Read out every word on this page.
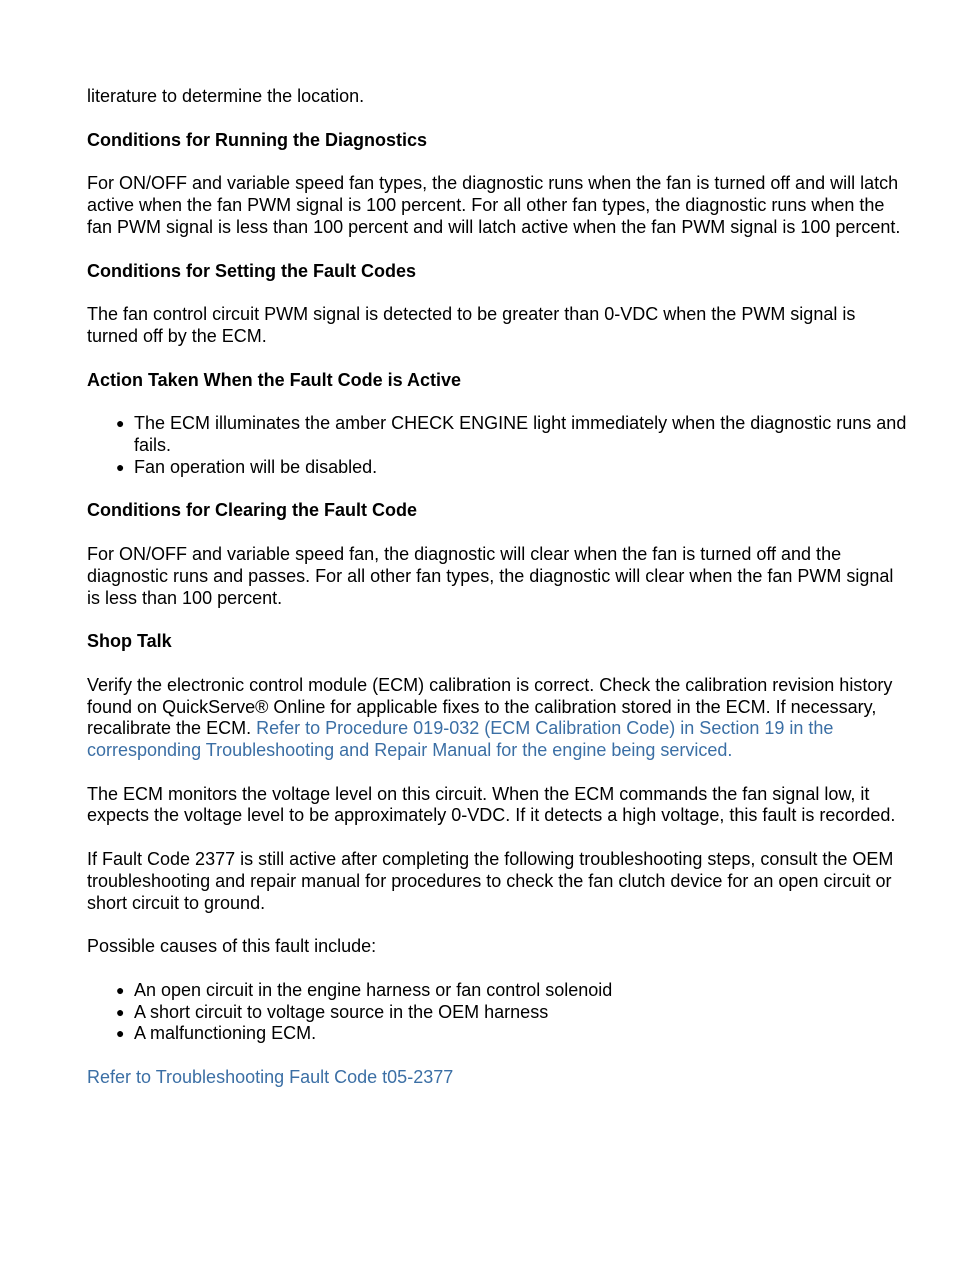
literature to determine the location.

Conditions for Running the Diagnostics

For ON/OFF and variable speed fan types, the diagnostic runs when the fan is turned off and will latch active when the fan PWM signal is 100 percent. For all other fan types, the diagnostic runs when the fan PWM signal is less than 100 percent and will latch active when the fan PWM signal is 100 percent.

Conditions for Setting the Fault Codes

The fan control circuit PWM signal is detected to be greater than 0-VDC when the PWM signal is turned off by the ECM.

Action Taken When the Fault Code is Active
● The ECM illuminates the amber CHECK ENGINE light immediately when the diagnostic runs and fails.
● Fan operation will be disabled.
Conditions for Clearing the Fault Code

For ON/OFF and variable speed fan, the diagnostic will clear when the fan is turned off and the diagnostic runs and passes. For all other fan types, the diagnostic will clear when the fan PWM signal is less than 100 percent.

Shop Talk

Verify the electronic control module (ECM) calibration is correct. Check the calibration revision history found on QuickServe® Online for applicable fixes to the calibration stored in the ECM. If necessary, recalibrate the ECM. Refer to Procedure 019-032 (ECM Calibration Code) in Section 19 in the corresponding Troubleshooting and Repair Manual for the engine being serviced.

The ECM monitors the voltage level on this circuit. When the ECM commands the fan signal low, it expects the voltage level to be approximately 0-VDC. If it detects a high voltage, this fault is recorded.

If Fault Code 2377 is still active after completing the following troubleshooting steps, consult the OEM troubleshooting and repair manual for procedures to check the fan clutch device for an open circuit or short circuit to ground.

Possible causes of this fault include:

● An open circuit in the engine harness or fan control solenoid
● A short circuit to voltage source in the OEM harness
● A malfunctioning ECM.

Refer to Troubleshooting Fault Code t05-2377
